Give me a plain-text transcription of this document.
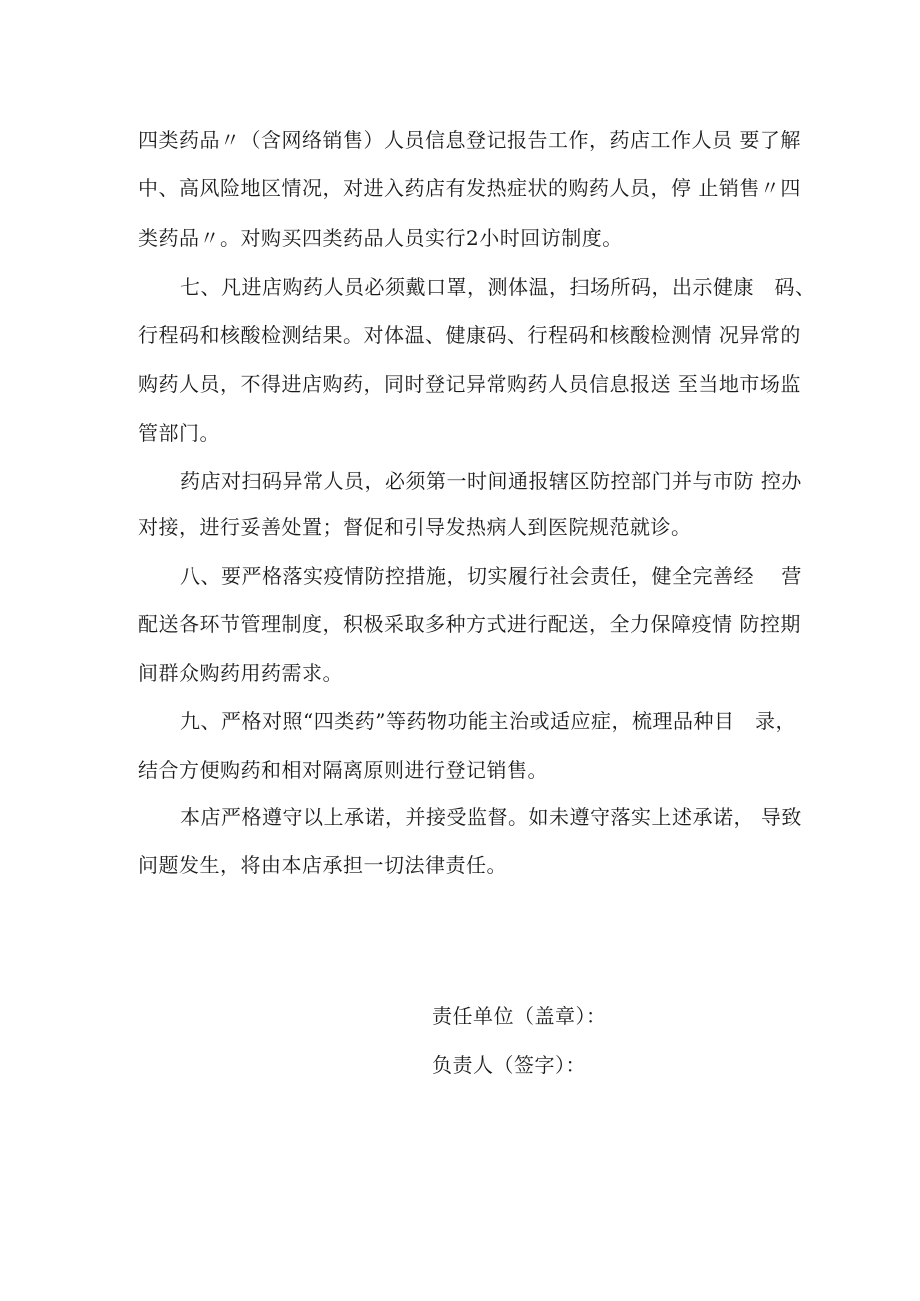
四类药品〃（含网络销售）人员信息登记报告工作，药店工作人员 要了解
中、高风险地区情况，对进入药店有发热症状的购药人员，停 止销售〃四
类药品〃。对购买四类药品人员实行2小时回访制度。
七、凡进店购药人员必须戴口罩，测体温，扫场所码，出示健康　码、
行程码和核酸检测结果。对体温、健康码、行程码和核酸检测情 况异常的
购药人员，不得进店购药，同时登记异常购药人员信息报送 至当地市场监
管部门。
药店对扫码异常人员，必须第一时间通报辖区防控部门并与市防 控办
对接，进行妥善处置；督促和引导发热病人到医院规范就诊。
八、要严格落实疫情防控措施，切实履行社会责任，健全完善经　 营
配送各环节管理制度，积极采取多种方式进行配送，全力保障疫情 防控期
间群众购药用药需求。
九、严格对照“四类药”等药物功能主治或适应症，梳理品种目　录，
结合方便购药和相对隔离原则进行登记销售。
本店严格遵守以上承诺，并接受监督。如未遵守落实上述承诺， 导致
问题发生，将由本店承担一切法律责任。
责任单位（盖章）：
负责人（签字）：
